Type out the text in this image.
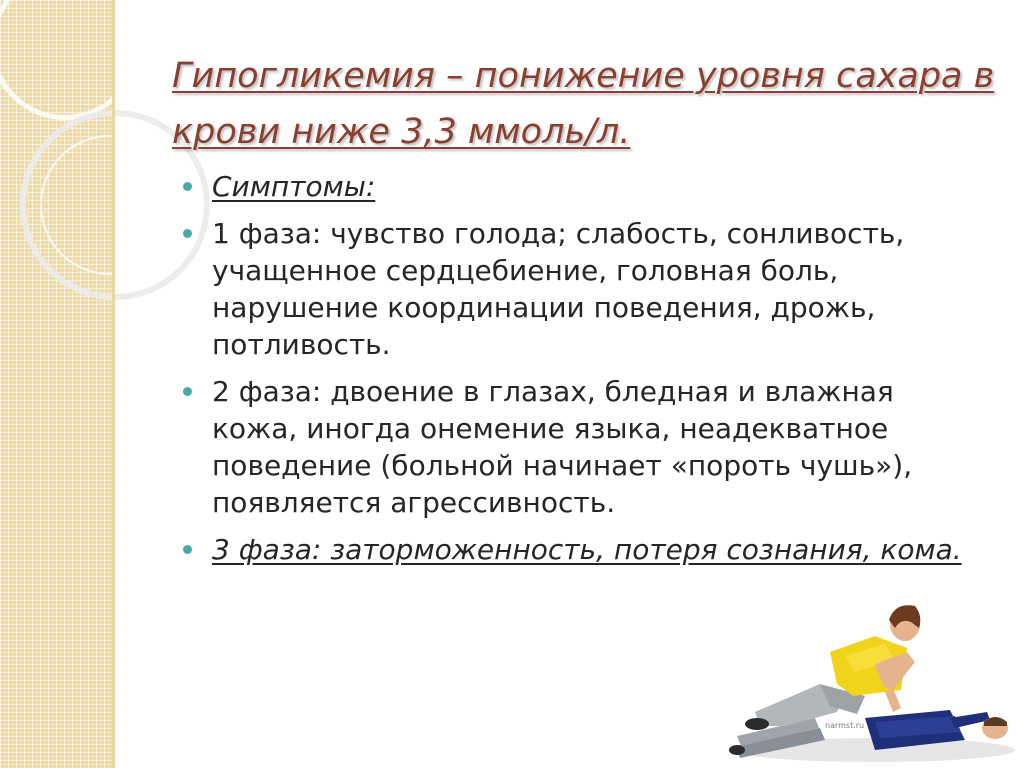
Гипогликемия – понижение уровня сахара в крови ниже 3,3 ммоль/л.
Симптомы:
1 фаза: чувство голода; слабость, сонливость, учащенное сердцебиение, головная боль, нарушение координации поведения, дрожь, потливость.
2 фаза: двоение в глазах, бледная и влажная кожа, иногда онемение языка, неадекватное поведение (больной начинает «пороть чушь»), появляется агрессивность.
3 фаза: заторможенность, потеря сознания, кома.
narmst.ru
